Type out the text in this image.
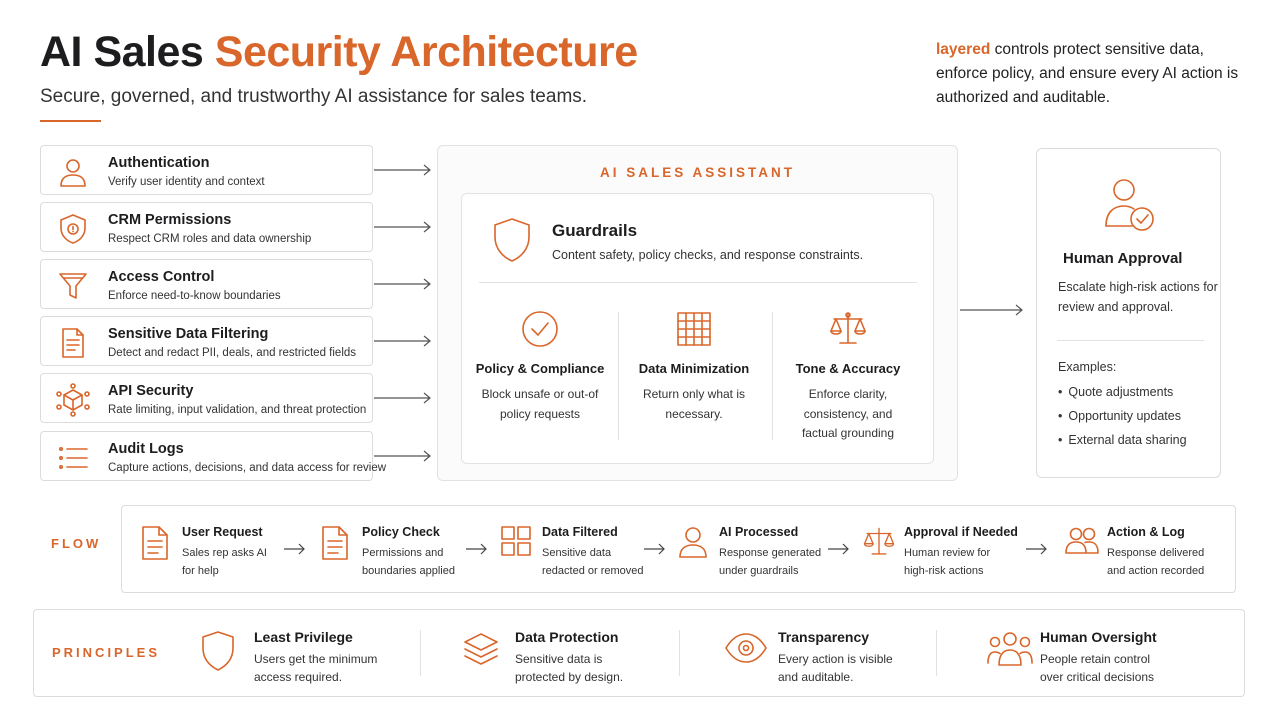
AI Sales Security Architecture
Secure, governed, and trustworthy AI assistance for sales teams.
layered controls protect sensitive data, enforce policy, and ensure every AI action is authorized and auditable.
Authentication
Verify user identity and context
CRM Permissions
Respect CRM roles and data ownership
Access Control
Enforce need-to-know boundaries
Sensitive Data Filtering
Detect and redact PII, deals, and restricted fields
API Security
Rate limiting, input validation, and threat protection
Audit Logs
Capture actions, decisions, and data access for review
AI SALES ASSISTANT
Guardrails
Content safety, policy checks, and response constraints.
Policy & Compliance
Block unsafe or out-of policy requests
Data Minimization
Return only what is necessary.
Tone & Accuracy
Enforce clarity, consistency, and factual grounding
Human Approval
Escalate high-risk actions for review and approval.
Examples:
• Quote adjustments
• Opportunity updates
• External data sharing
FLOW
User Request
Sales rep asks AI
for help
Policy Check
Permissions and
boundaries applied
Data Filtered
Sensitive data
redacted or removed
AI Processed
Response generated
under guardrails
Approval if Needed
Human review for
high-risk actions
Action & Log
Response delivered
and action recorded
PRINCIPLES
Least Privilege
Users get the minimum
access required.
Data Protection
Sensitive data is
protected by design.
Transparency
Every action is visible
and auditable.
Human Oversight
People retain control
over critical decisions
